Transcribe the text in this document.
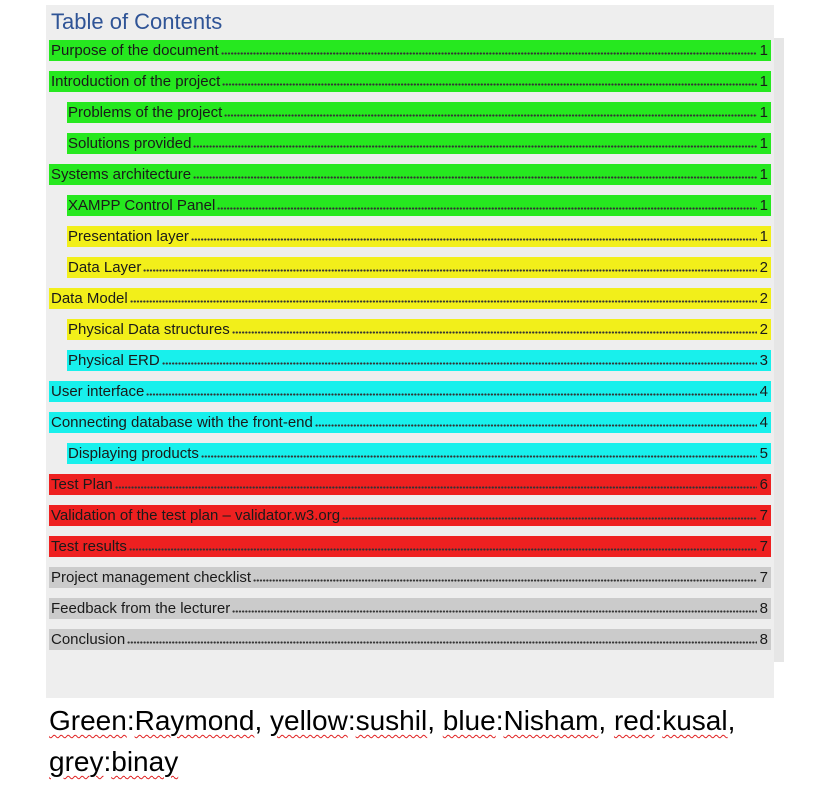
Table of Contents
Purpose of the document	1
Introduction of the project	1
Problems of the project	1
Solutions provided	1
Systems architecture	1
XAMPP Control Panel	1
Presentation layer	1
Data Layer	2
Data Model	2
Physical Data structures	2
Physical ERD	3
User interface	4
Connecting database with the front-end	4
Displaying products	5
Test Plan	6
Validation of the test plan – validator.w3.org	7
Test results	7
Project management checklist	7
Feedback from the lecturer	8
Conclusion	8
Green:Raymond, yellow:sushil, blue:Nisham, red:kusal, grey:binay
